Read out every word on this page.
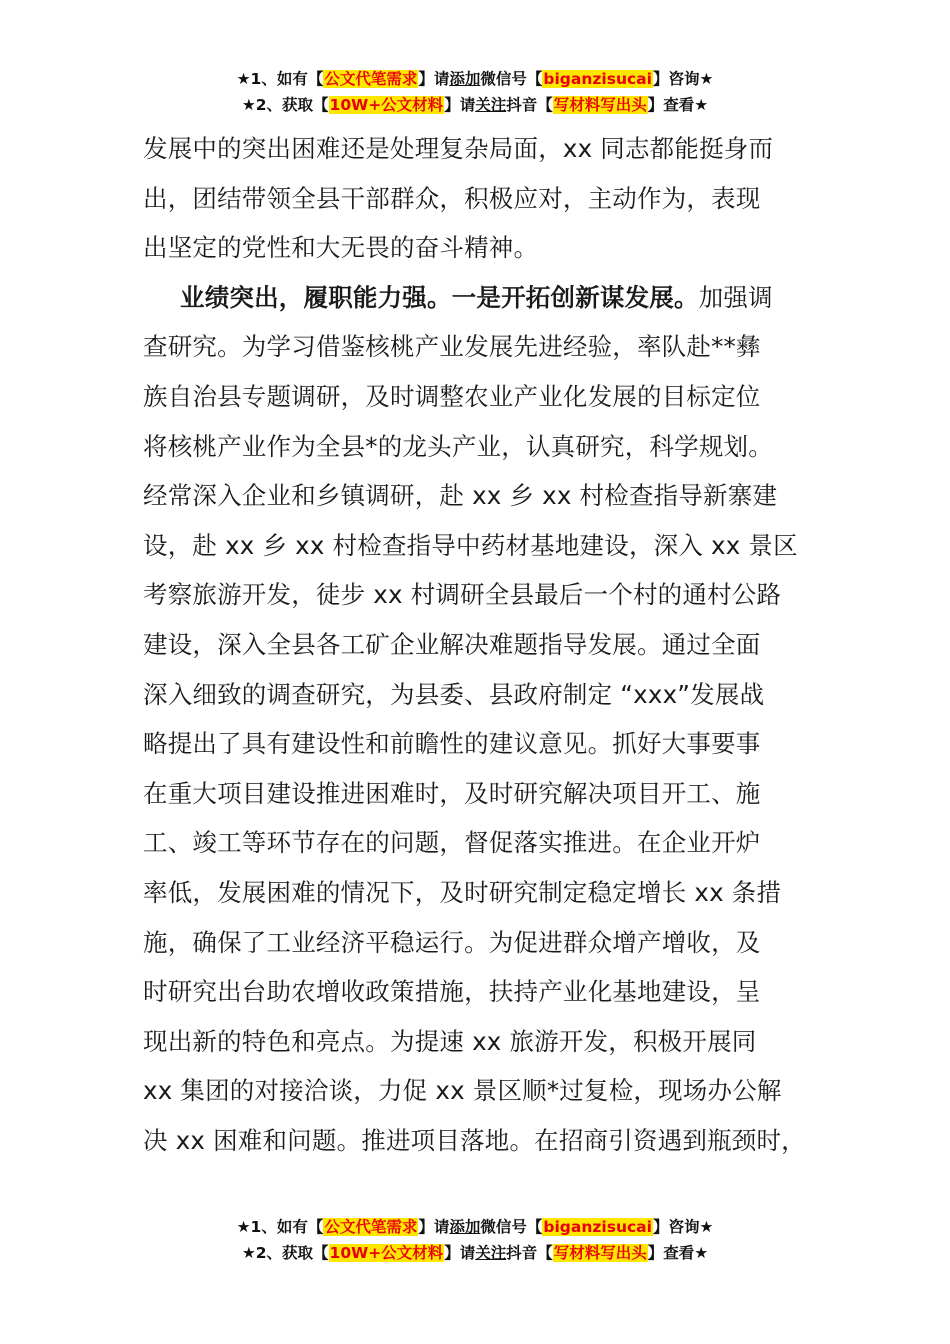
★1、如有【公文代笔需求】请添加微信号【biganzisucai】咨询★
★2、获取【10W+公文材料】请关注抖音【写材料写出头】查看★

发展中的突出困难还是处理复杂局面，xx 同志都能挺身而
出，团结带领全县干部群众，积极应对，主动作为，表现
出坚定的党性和大无畏的奋斗精神。

业绩突出，履职能力强。一是开拓创新谋发展。加强调
查研究。为学习借鉴核桃产业发展先进经验，率队赴**彝
族自治县专题调研，及时调整农业产业化发展的目标定位
将核桃产业作为全县*的龙头产业，认真研究，科学规划。
经常深入企业和乡镇调研，赴 xx 乡 xx 村检查指导新寨建
设，赴 xx 乡 xx 村检查指导中药材基地建设，深入 xx 景区
考察旅游开发，徒步 xx 村调研全县最后一个村的通村公路
建设，深入全县各工矿企业解决难题指导发展。通过全面
深入细致的调查研究，为县委、县政府制定 “xxx”发展战
略提出了具有建设性和前瞻性的建议意见。抓好大事要事
在重大项目建设推进困难时，及时研究解决项目开工、施
工、竣工等环节存在的问题，督促落实推进。在企业开炉
率低，发展困难的情况下，及时研究制定稳定增长 xx 条措
施，确保了工业经济平稳运行。为促进群众增产增收，及
时研究出台助农增收政策措施，扶持产业化基地建设，呈
现出新的特色和亮点。为提速 xx 旅游开发，积极开展同
xx 集团的对接洽谈，力促 xx 景区顺*过复检，现场办公解
决 xx 困难和问题。推进项目落地。在招商引资遇到瓶颈时，

★1、如有【公文代笔需求】请添加微信号【biganzisucai】咨询★
★2、获取【10W+公文材料】请关注抖音【写材料写出头】查看★
